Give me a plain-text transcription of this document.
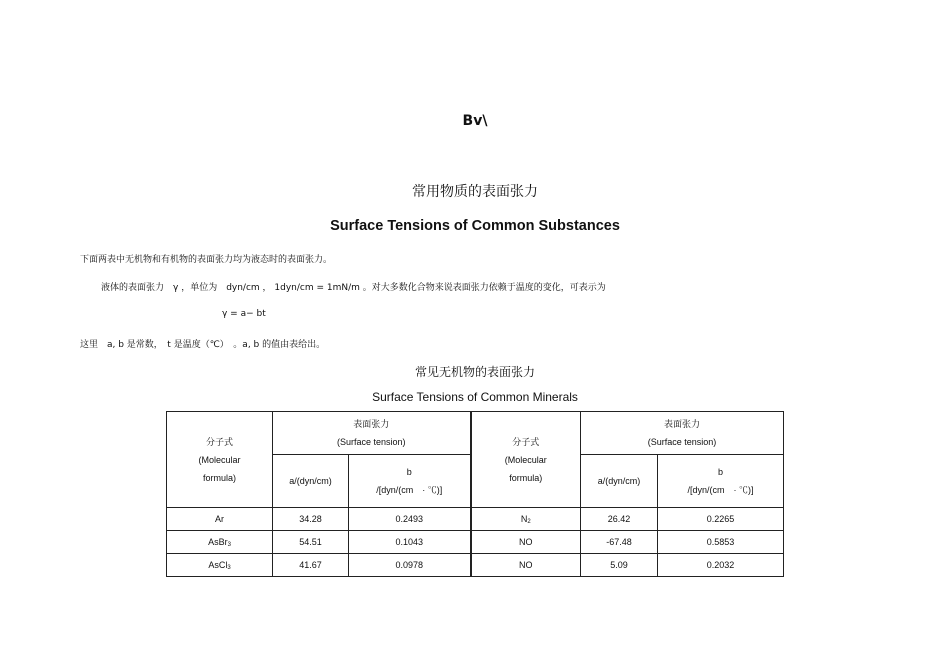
Bv\
常用物质的表面张力
Surface Tensions of Common Substances
下面两表中无机物和有机物的表面张力均为液态时的表面张力。
液体的表面张力　γ ，单位为　dyn/cm ， 1dyn/cm = 1mN/m 。对大多数化合物来说表面张力依赖于温度的变化，可表示为
γ = a− bt
这里　a, b 是常数，　t 是温度（℃）　。a, b 的值由表给出。
常见无机物的表面张力
Surface Tensions of Common Minerals
分子式
(Molecular
formula)	表面张力
(Surface tension)		分子式
(Molecular
formula)	表面张力
(Surface tension)	

	a/(dyn/cm)	b
/[dyn/(cm　· ℃)]		a/(dyn/cm)	b
/[dyn/(cm　· ℃)]

Ar	34.28	0.2493	$N_2$	26.42	0.2265
AsBr$_3$	54.51	0.1043	NO	-67.48	0.5853
AsCl$_3$	41.67	0.0978	NO	5.09	0.2032
